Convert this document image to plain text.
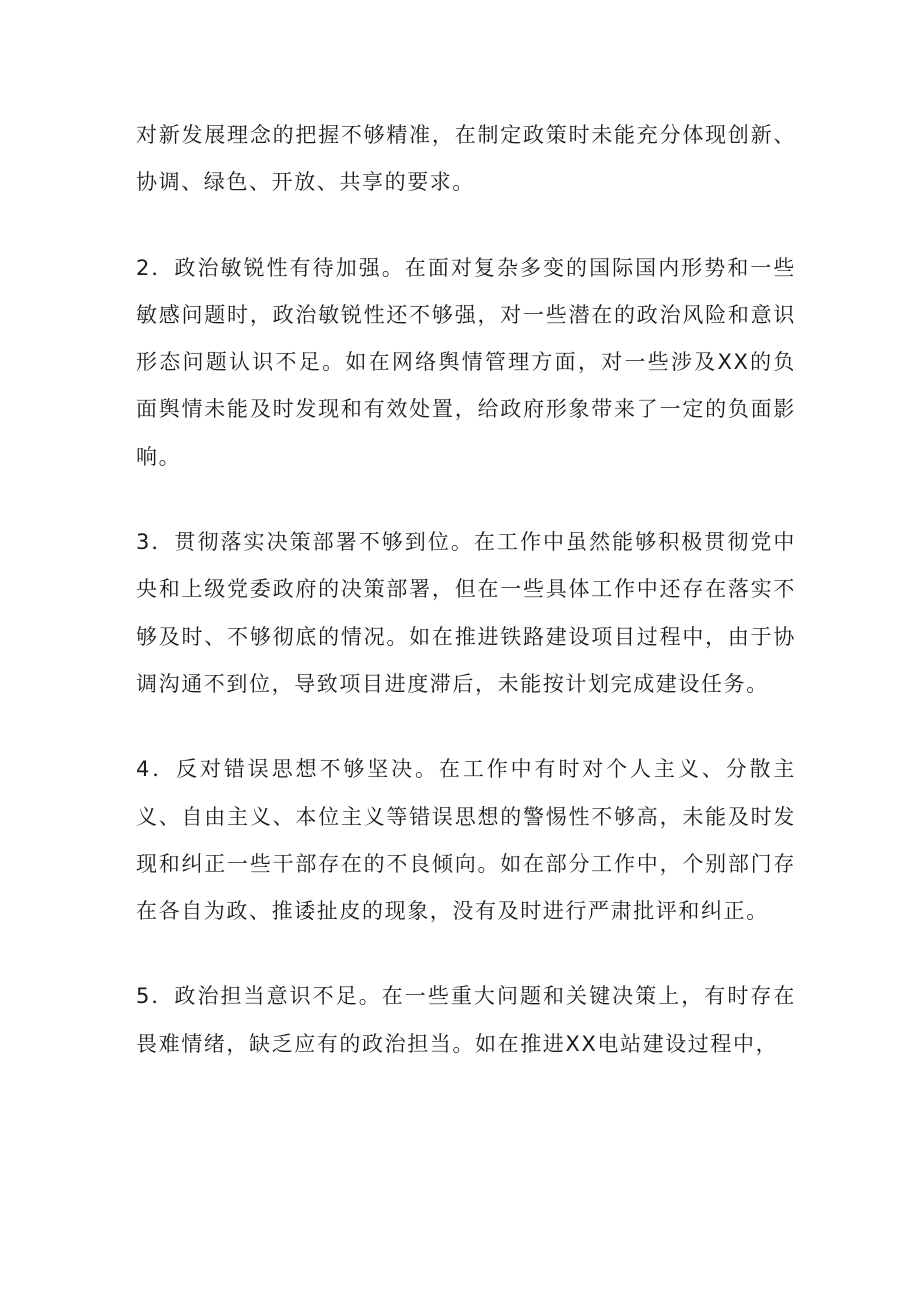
对新发展理念的把握不够精准，在制定政策时未能充分体现创新、协调、绿色、开放、共享的要求。

2．政治敏锐性有待加强。在面对复杂多变的国际国内形势和一些敏感问题时，政治敏锐性还不够强，对一些潜在的政治风险和意识形态问题认识不足。如在网络舆情管理方面，对一些涉及XX的负面舆情未能及时发现和有效处置，给政府形象带来了一定的负面影响。

3．贯彻落实决策部署不够到位。在工作中虽然能够积极贯彻党中央和上级党委政府的决策部署，但在一些具体工作中还存在落实不够及时、不够彻底的情况。如在推进铁路建设项目过程中，由于协调沟通不到位，导致项目进度滞后，未能按计划完成建设任务。

4．反对错误思想不够坚决。在工作中有时对个人主义、分散主义、自由主义、本位主义等错误思想的警惕性不够高，未能及时发现和纠正一些干部存在的不良倾向。如在部分工作中，个别部门存在各自为政、推诿扯皮的现象，没有及时进行严肃批评和纠正。

5．政治担当意识不足。在一些重大问题和关键决策上，有时存在畏难情绪，缺乏应有的政治担当。如在推进XX电站建设过程中，
